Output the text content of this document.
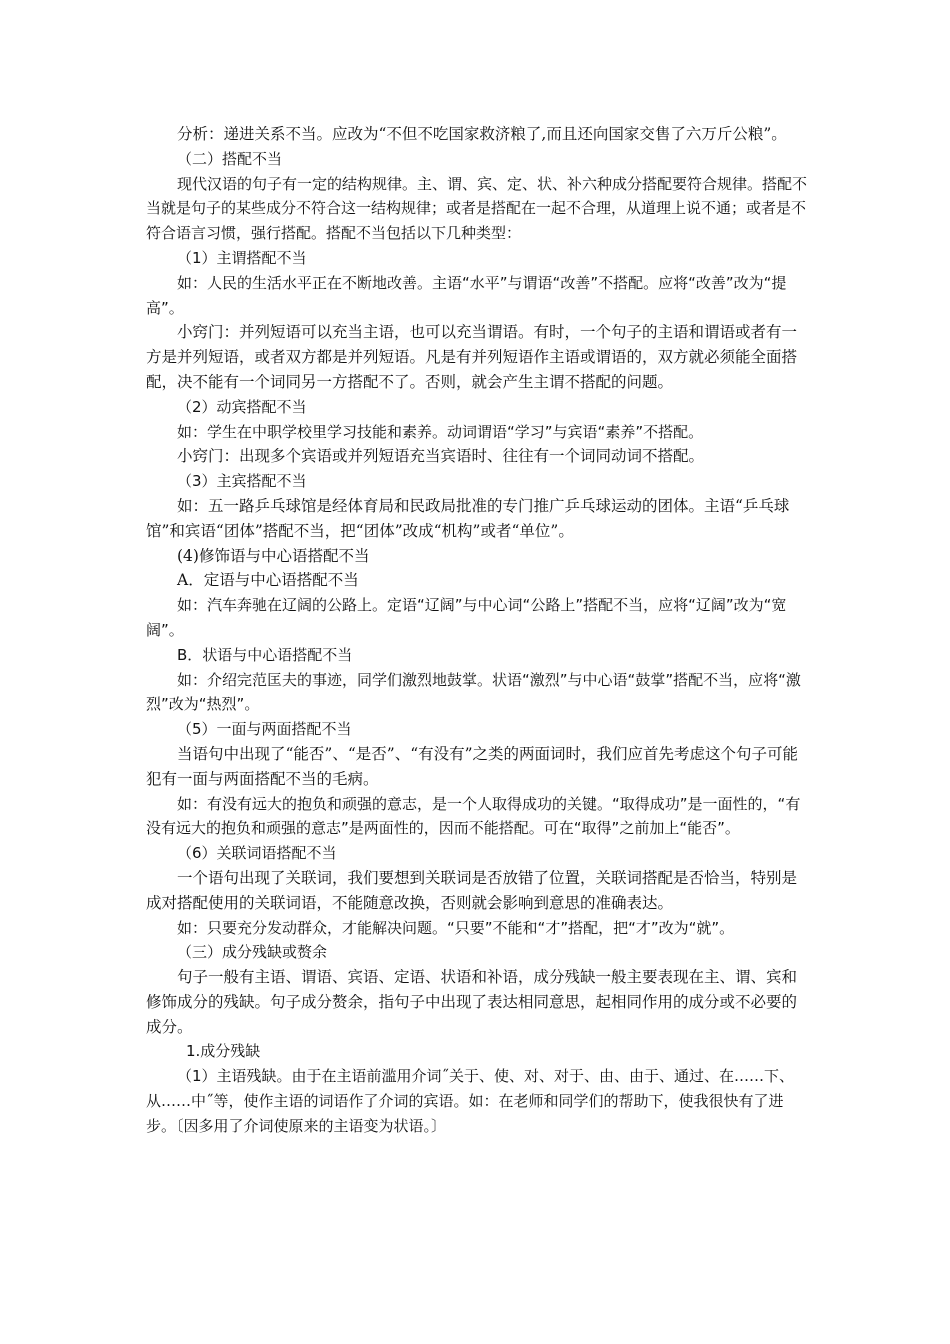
分析：递进关系不当。应改为“不但不吃国家救济粮了,而且还向国家交售了六万斤公粮”。

（二）搭配不当

现代汉语的句子有一定的结构规律。主、谓、宾、定、状、补六种成分搭配要符合规律。搭配不当就是句子的某些成分不符合这一结构规律；或者是搭配在一起不合理，从道理上说不通；或者是不符合语言习惯，强行搭配。搭配不当包括以下几种类型：

（1）主谓搭配不当

如：人民的生活水平正在不断地改善。主语“水平”与谓语“改善”不搭配。应将“改善”改为“提高”。

小窍门：并列短语可以充当主语，也可以充当谓语。有时，一个句子的主语和谓语或者有一方是并列短语，或者双方都是并列短语。凡是有并列短语作主语或谓语的，双方就必须能全面搭配，决不能有一个词同另一方搭配不了。否则，就会产生主谓不搭配的问题。

（2）动宾搭配不当

如：学生在中职学校里学习技能和素养。动词谓语“学习”与宾语“素养”不搭配。

小窍门：出现多个宾语或并列短语充当宾语时、往往有一个词同动词不搭配。

（3）主宾搭配不当

如：五一路乒乓球馆是经体育局和民政局批准的专门推广乒乓球运动的团体。主语“乒乓球馆”和宾语“团体”搭配不当，把“团体”改成“机构”或者“单位”。

(4)修饰语与中心语搭配不当

A．定语与中心语搭配不当

如：汽车奔驰在辽阔的公路上。定语“辽阔”与中心词“公路上”搭配不当，应将“辽阔”改为“宽阔”。

B．状语与中心语搭配不当

如：介绍完范匡夫的事迹，同学们激烈地鼓掌。状语“激烈”与中心语“鼓掌”搭配不当，应将“激烈”改为“热烈”。

（5）一面与两面搭配不当

当语句中出现了“能否”、“是否”、“有没有”之类的两面词时，我们应首先考虑这个句子可能犯有一面与两面搭配不当的毛病。

如：有没有远大的抱负和顽强的意志，是一个人取得成功的关键。“取得成功”是一面性的，“有没有远大的抱负和顽强的意志”是两面性的，因而不能搭配。可在“取得”之前加上“能否”。

（6）关联词语搭配不当

一个语句出现了关联词，我们要想到关联词是否放错了位置，关联词搭配是否恰当，特别是成对搭配使用的关联词语，不能随意改换，否则就会影响到意思的准确表达。

如：只要充分发动群众，才能解决问题。“只要”不能和“才”搭配，把“才”改为“就”。

（三）成分残缺或赘余

句子一般有主语、谓语、宾语、定语、状语和补语，成分残缺一般主要表现在主、谓、宾和修饰成分的残缺。句子成分赘余，指句子中出现了表达相同意思，起相同作用的成分或不必要的成分。

1.成分残缺

（1）主语残缺。由于在主语前滥用介词˝关于、使、对、对于、由、由于、通过、在……下、从……中˝等，使作主语的词语作了介词的宾语。如：在老师和同学们的帮助下，使我很快有了进步。〔因多用了介词使原来的主语变为状语。〕
